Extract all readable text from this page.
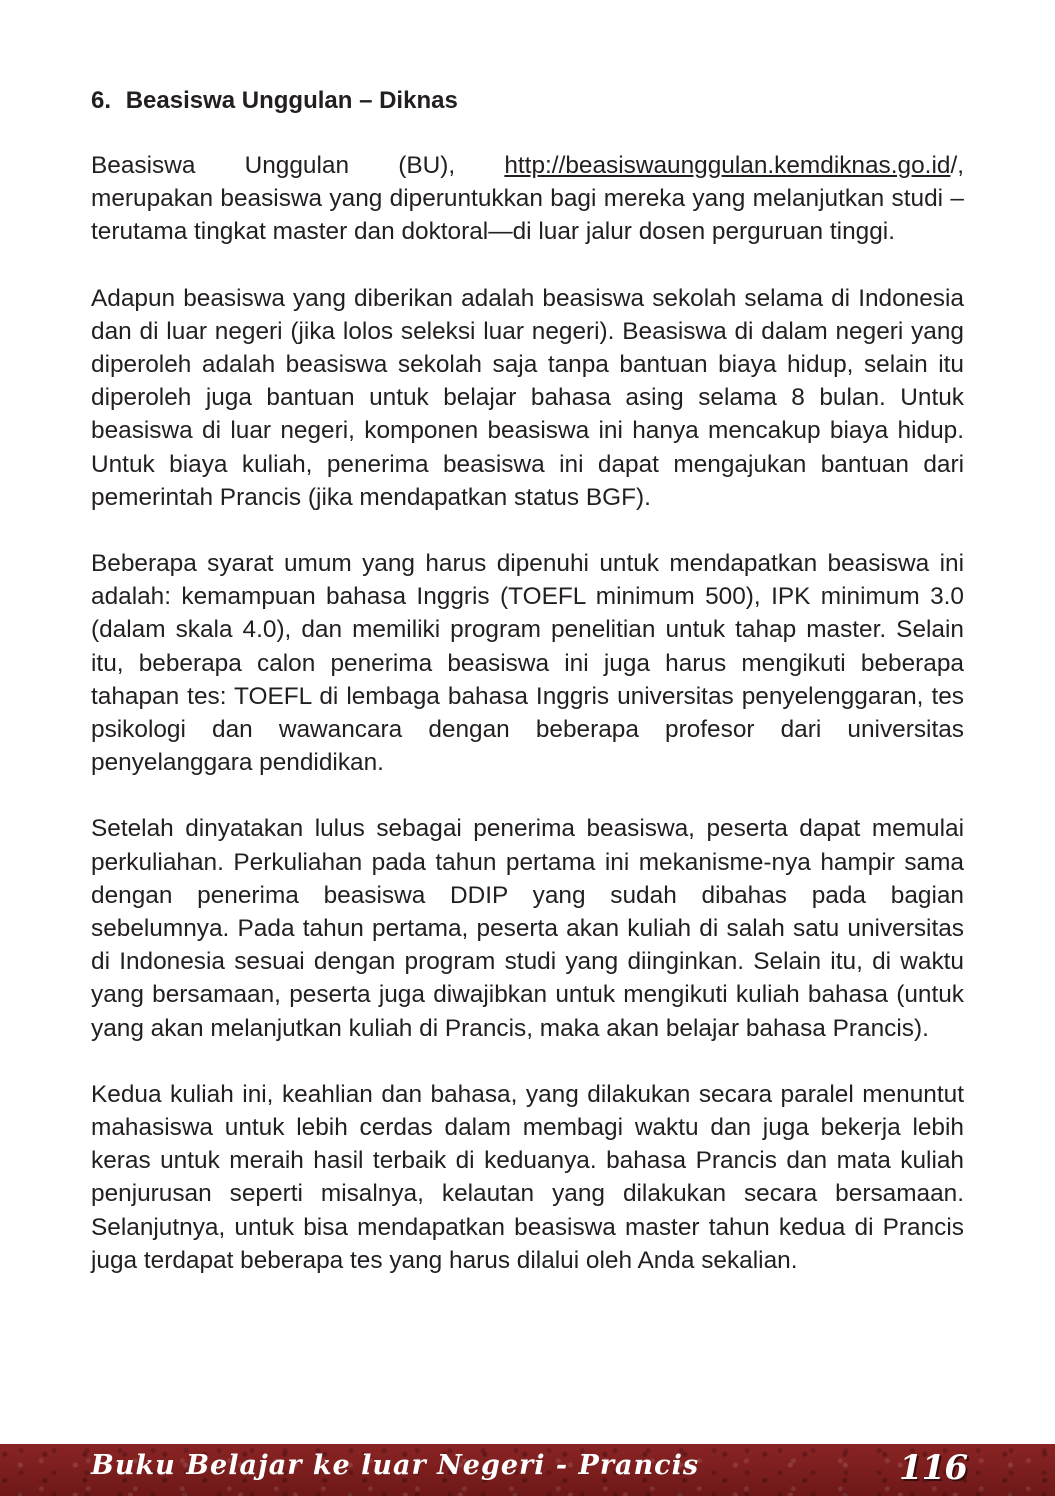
6. Beasiswa Unggulan – Diknas

Beasiswa Unggulan (BU), http://beasiswaunggulan.kemdiknas.go.id/, merupakan beasiswa yang diperuntukkan bagi mereka yang melanjutkan studi –terutama tingkat master dan doktoral—di luar jalur dosen perguruan tinggi.

Adapun beasiswa yang diberikan adalah beasiswa sekolah selama di Indonesia dan di luar negeri (jika lolos seleksi luar negeri). Beasiswa di dalam negeri yang diperoleh adalah beasiswa sekolah saja tanpa bantuan biaya hidup, selain itu diperoleh juga bantuan untuk belajar bahasa asing selama 8 bulan. Untuk beasiswa di luar negeri, komponen beasiswa ini hanya mencakup biaya hidup. Untuk biaya kuliah, penerima beasiswa ini dapat mengajukan bantuan dari pemerintah Prancis (jika mendapatkan status BGF).

Beberapa syarat umum yang harus dipenuhi untuk mendapatkan beasiswa ini adalah: kemampuan bahasa Inggris (TOEFL minimum 500), IPK minimum 3.0 (dalam skala 4.0), dan memiliki program penelitian untuk tahap master. Selain itu, beberapa calon penerima beasiswa ini juga harus mengikuti beberapa tahapan tes: TOEFL di lembaga bahasa Inggris universitas penyelenggaran, tes psikologi dan wawancara dengan beberapa profesor dari universitas penyelanggara pendidikan.

Setelah dinyatakan lulus sebagai penerima beasiswa, peserta dapat memulai perkuliahan. Perkuliahan pada tahun pertama ini mekanisme-nya hampir sama dengan penerima beasiswa DDIP yang sudah dibahas pada bagian sebelumnya. Pada tahun pertama, peserta akan kuliah di salah satu universitas di Indonesia sesuai dengan program studi yang diinginkan. Selain itu, di waktu yang bersamaan, peserta juga diwajibkan untuk mengikuti kuliah bahasa (untuk yang akan melanjutkan kuliah di Prancis, maka akan belajar bahasa Prancis).

Kedua kuliah ini, keahlian dan bahasa, yang dilakukan secara paralel menuntut mahasiswa untuk lebih cerdas dalam membagi waktu dan juga bekerja lebih keras untuk meraih hasil terbaik di keduanya. bahasa Prancis dan mata kuliah penjurusan seperti misalnya, kelautan yang dilakukan secara bersamaan. Selanjutnya, untuk bisa mendapatkan beasiswa master tahun kedua di Prancis juga terdapat beberapa tes yang harus dilalui oleh Anda sekalian.

Buku Belajar ke luar Negeri - Prancis	116
